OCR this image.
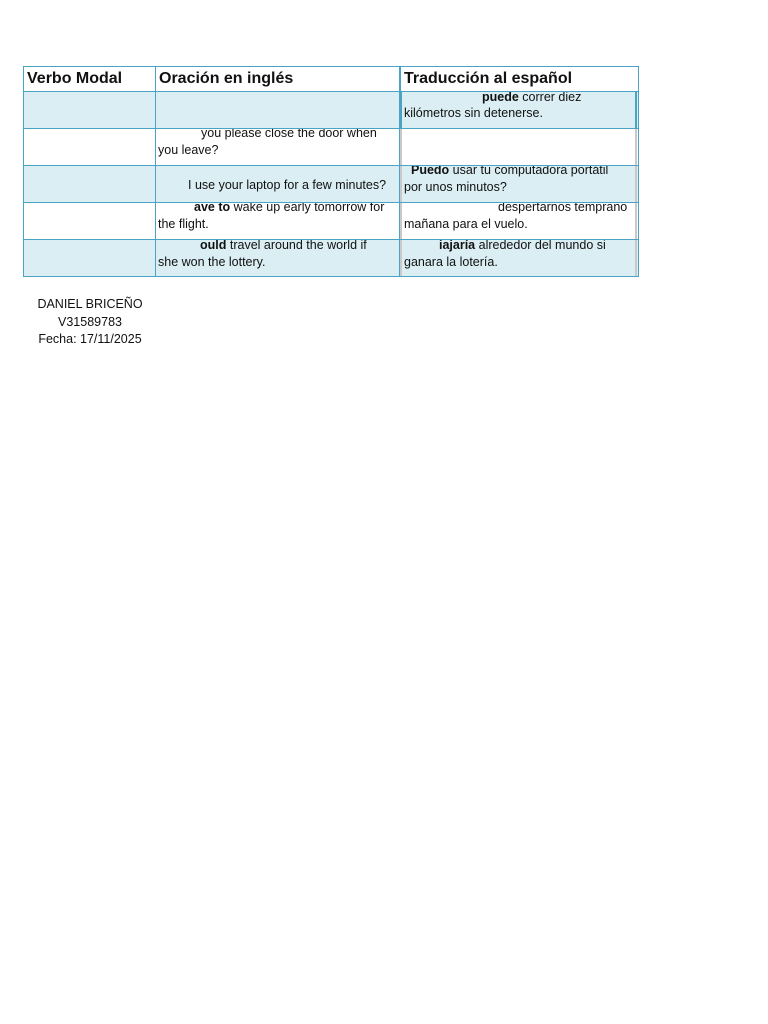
Verbo Modal	Oración en inglés	Traducción al español
puede correr diez
kilómetros sin detenerse.
you please close the door when
you leave?
I use your laptop for a few minutes?
Puedo usar tu computadora portátil
por unos minutos?
ave to wake up early tomorrow for
the flight.
despertarnos temprano
mañana para el vuelo.
ould travel around the world if
she won the lottery.
iajaría alrededor del mundo si
ganara la lotería.
DANIEL BRICEÑO
V31589783
Fecha: 17/11/2025
